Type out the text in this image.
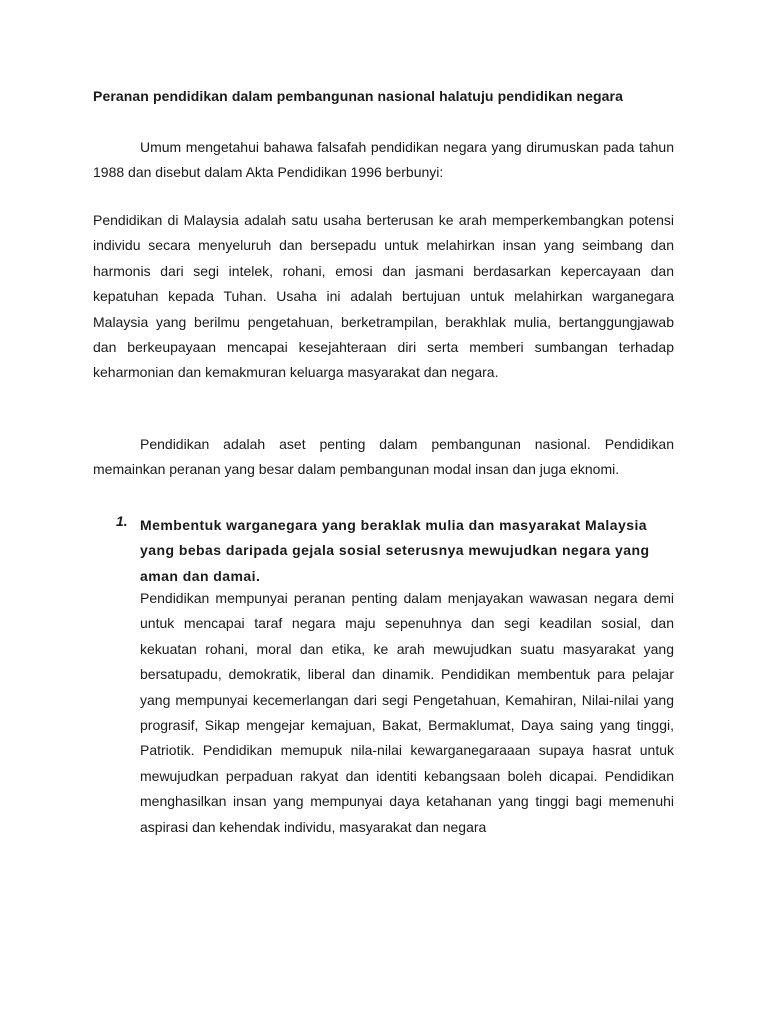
Peranan pendidikan dalam pembangunan nasional halatuju pendidikan negara

Umum mengetahui bahawa falsafah pendidikan negara yang dirumuskan pada tahun 1988 dan disebut dalam Akta Pendidikan 1996 berbunyi:

Pendidikan di Malaysia adalah satu usaha berterusan ke arah memperkembangkan potensi individu secara menyeluruh dan bersepadu untuk melahirkan insan yang seimbang dan harmonis dari segi intelek, rohani, emosi dan jasmani berdasarkan kepercayaan dan kepatuhan kepada Tuhan. Usaha ini adalah bertujuan untuk melahirkan warganegara Malaysia yang berilmu pengetahuan, berketrampilan, berakhlak mulia, bertanggungjawab dan berkeupayaan mencapai kesejahteraan diri serta memberi sumbangan terhadap keharmonian dan kemakmuran keluarga masyarakat dan negara.

Pendidikan adalah aset penting dalam pembangunan nasional. Pendidikan memainkan peranan yang besar dalam pembangunan modal insan dan juga eknomi.

1. Membentuk warganegara yang beraklak mulia dan masyarakat Malaysia yang bebas daripada gejala sosial seterusnya mewujudkan negara yang aman dan damai.

Pendidikan mempunyai peranan penting dalam menjayakan wawasan negara demi untuk mencapai taraf negara maju sepenuhnya dan segi keadilan sosial, dan kekuatan rohani, moral dan etika, ke arah mewujudkan suatu masyarakat yang bersatupadu, demokratik, liberal dan dinamik. Pendidikan membentuk para pelajar yang mempunyai kecemerlangan dari segi Pengetahuan, Kemahiran, Nilai-nilai yang prograsif, Sikap mengejar kemajuan, Bakat, Bermaklumat, Daya saing yang tinggi, Patriotik. Pendidikan memupuk nila-nilai kewarganegaraaan supaya hasrat untuk mewujudkan perpaduan rakyat dan identiti kebangsaan boleh dicapai. Pendidikan menghasilkan insan yang mempunyai daya ketahanan yang tinggi bagi memenuhi aspirasi dan kehendak individu, masyarakat dan negara
